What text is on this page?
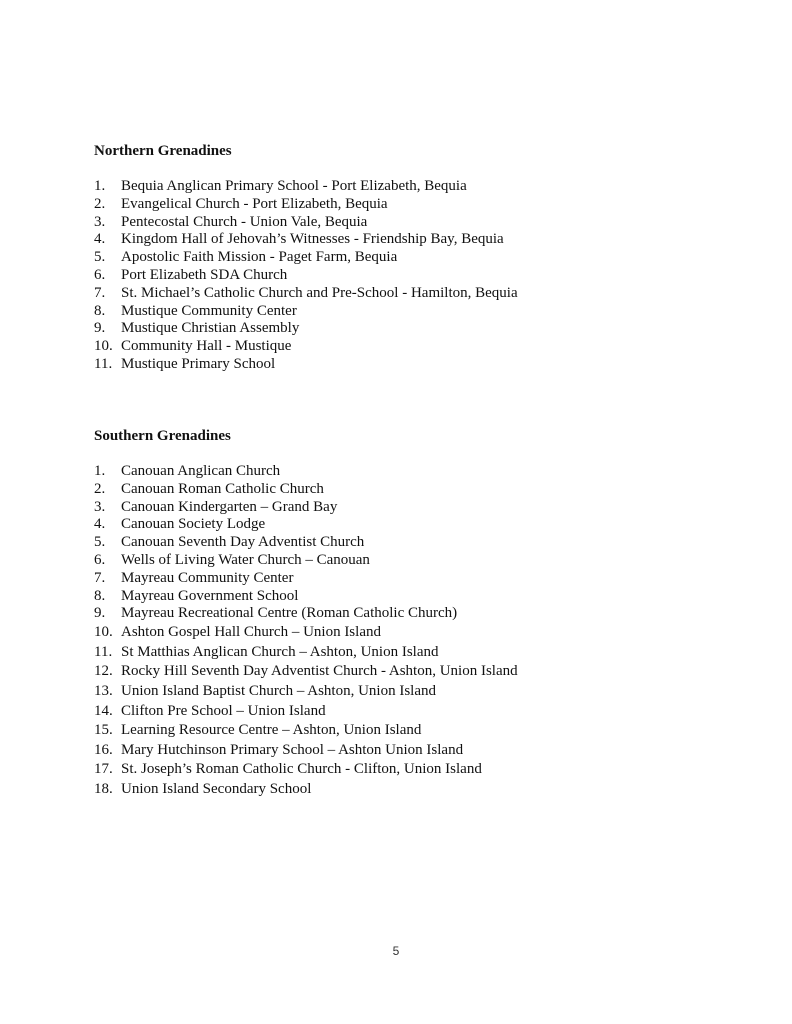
Northern Grenadines
1. Bequia Anglican Primary School - Port Elizabeth, Bequia
2. Evangelical Church - Port Elizabeth, Bequia
3. Pentecostal Church - Union Vale, Bequia
4. Kingdom Hall of Jehovah’s Witnesses - Friendship Bay, Bequia
5. Apostolic Faith Mission - Paget Farm, Bequia
6. Port Elizabeth SDA Church
7. St. Michael’s Catholic Church and Pre-School - Hamilton, Bequia
8. Mustique Community Center
9. Mustique Christian Assembly
10. Community Hall - Mustique
11. Mustique Primary School
Southern Grenadines
1. Canouan Anglican Church
2. Canouan Roman Catholic Church
3. Canouan Kindergarten – Grand Bay
4. Canouan Society Lodge
5. Canouan Seventh Day Adventist Church
6. Wells of Living Water Church – Canouan
7. Mayreau Community Center
8. Mayreau Government School
9. Mayreau Recreational Centre (Roman Catholic Church)
10. Ashton Gospel Hall Church – Union Island
11. St Matthias Anglican Church – Ashton, Union Island
12. Rocky Hill Seventh Day Adventist Church - Ashton, Union Island
13. Union Island Baptist Church – Ashton, Union Island
14. Clifton Pre School – Union Island
15. Learning Resource Centre – Ashton, Union Island
16. Mary Hutchinson Primary School – Ashton Union Island
17. St. Joseph’s Roman Catholic Church - Clifton, Union Island
18. Union Island Secondary School
5
